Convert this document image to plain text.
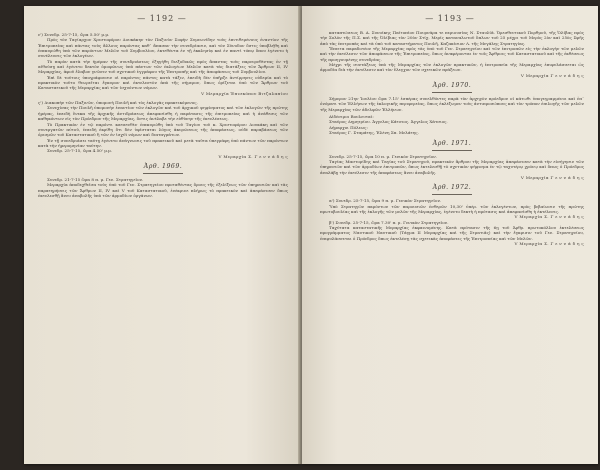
— 1192 —

ε') Συνεδρ. 25-7-15, ὥρα 5.50' μ.μ.

Πρὸς τὸν Ταγίαρχον Χριστοφόρου Δουκάκην τὸν Παξινὸν Σοφὴν Συμεωνίδην τοὺς ἐπιτιθεμένους ἐναντίον τῆς Ἐπιτροπείας καὶ πάντας τοὺς ἄλλους παρόντας καθ᾽ ἅπασαν τὴν συνεδρίασιν, καὶ τὸν Σύνοδον ὅστις ὑποβλήθη καὶ ἐπεκυρώθη ὑπὸ τῶν παρόντων Μελῶν τοῦ Συμβουλίου, ἐκτεθέντα ἐν τῇ ἐκκλησίᾳ καὶ ἐν παντὶ τόπῳ ὅπου ἐγένετο ἡ συνέλευσις τῶν ἐκλογέων.

Τὸ παρὸν κατὰ τὴν ἡμέραν τῆς συνεδριάσεως ἐξηγήθη διεξοδικῶς πρὸς ἅπαντας τοὺς παρευρεθέντας ἐν τῇ αἰθούσῃ καὶ ἐγένετο δεκτὸν ὁμοφώνως ὑπὸ πάντων τῶν ἐκλογέων Μελῶν κατὰ τὰς διατάξεις τῶν Ἄρθρων II, IV Μεραρχίας, ἀφοῦ ἔλαβον γνῶσιν τοῦ σχετικοῦ ἐγγράφου τῆς Ἐπιτροπῆς καὶ τῆς ἀποφάσεως τοῦ Συμβουλίου.

Ἐπὶ δὲ τούτοις ὑπογράφουσιν οἱ παρόντες πάντες κατὰ τάξιν, ἐπειδὴ δὲν ὑπῆρξε ἀντίρρησις οὐδεμία καὶ τὸ πρακτικὸν τοῦτο θεωρεῖται ἔγκυρον καὶ ἐκτελεστὸν ἀπὸ τῆς σήμερον, ὅπως ὁρίζεται ὑπὸ τῶν Ἄρθρων τοῦ Καταστατικοῦ τῆς Μεραρχίας καὶ τῶν ἰσχυόντων νόμων.

V Μεραρχία Ἐπισκόπου Βιτζαλαπίου

ς') Διακοπὴν τῶν Παξινῶν, ὑπομονὴ Πουλῆ καὶ τὸς ἐκλογὰς πρακτικόμενος.

Συνεχίσας τὴν Πουλῆ ὑπομονὴν ἐναντίον τῶν ἐκλογῶν καὶ τοῦ ἀρχικοῦ ψηφίσματος καὶ τῶν ἐκλογῶν τῆς πρώτης ἡμέρας, ἐπειδὴ ἔνεκα τῆς ἀρχικῆς ἀντιδράσεως ἀπεφασίσθη ἡ παράτασις τῆς ἐπιτροπείας καὶ ἡ ἀνάθεσις τῶν καθηκόντων εἰς τὸν Πρόεδρον τῆς Μεραρχίας, ὅστις ἀνέλαβε τὴν εὐθύνην τῆς ἐκτελέσεως.

Τὸ Πρακτικὸν ἐν τῷ παρόντι κατατεθὲν ἐπεκυρώθη ὑπὸ τοῦ Ταγίου τοῦ κ. Χριστοφόρου Δουκάκη καὶ τῶν συνεργατῶν αὐτοῦ, ἐπειδὴ ἐκρίθη ὅτι δὲν ὑφίσταται λόγος ἀκυρώσεως τῆς ἀποφάσεως, οὐδὲ παραβάσεως τῶν ὁρισμῶν τοῦ Καταστατικοῦ ἢ τῶν ἐν ἰσχύϊ νόμων καὶ διαταγμάτων.

Ἐν τῇ συνεδριάσει ταύτῃ ἐγένετο ἀνάγνωσις τοῦ πρακτικοῦ καὶ μετὰ ταῦτα ὑπεγράφη ὑπὸ πάντων τῶν παρόντων κατὰ τὴν ἡμερομηνίαν ταύτην.

Συνεδρ. 25-7-15, ὥρα 4.50' μ.μ.

V Μεραρχία Σ. Γ ε ν ν ά δ η ς

Ἀρθ. 1969.

Συνεδρ. 21-7-15 ὥρα 8 π. μ. Γεν. Στρατηγεῖον.

Μεραρχία ἀποδεχθεῖσα τοὺς ὑπὸ τοῦ Γεν. Στρατηγείου προταθέντας ὅρους τῆς ἐξελίξεως τῶν ὑπηρεσιῶν καὶ τὰς παρατηρήσεις τῶν Ἄρθρων II, IV καὶ V τοῦ Καταστατικοῦ, ἐνέκρινε πλήρως τὸ πρακτικὸν καὶ ἀπεφάσισεν ὅπως ἐκτελεσθῇ ἄνευ ἀναβολῆς ὑπὸ τῶν ἁρμοδίων ὀργάνων.

— 1193 —

καταπτώσεως Β. Α. Συνοίκης Παϊτοπίου Πουρνάρα τε περιουσίας Ν. Σταυλίᾶ. Ὀρεσθευτικοῦ Πορθμοῦ, τῆς Ὀλίβας πρὸς τὴν Σολὸν τῆς Π.Σ. καὶ τῆς Ὀλίβιας τὸν 20ὸν Στίχ. Μερίς καταναλωτοῦ ὅπλων τοῦ 25 μέχρι τοῦ Μερὸς 2ὸν καὶ 25ὸς Σφῆς ἀπὸ τὰς ἐπιτροπὰς καὶ τὰ ὑπὸ τοῦ καταστήματος Πουλῆ, Καζακίσιον Λ. τῆς Μεγάλης Στρατηγίας.

Ἔπειτα παραδοτέον τῆς Μεραρχίας πρὸς τὰς ὑπὸ τοῦ Γεν. Στρατηγείου καὶ τῶν ἐπιτροπῶν εἰς τὴν ἐκλογὴν τῶν μελῶν καὶ τὴν ἐκτέλεσιν τῶν ἀποφάσεων τῆς Ἐπιτροπείας, ὅπως ἀναφέρονται ἐν τοῖς Ἄρθροις τοῦ Καταστατικοῦ καὶ τῆς ἐκθέσεως τῆς προηγουμένης συνεδρίας.

Μέχρι τῆς συντάξεως ὑπὸ τῆς Μεραρχίας τῶν ἐκλογῶν πρακτικῶν, ἡ ἐπιτροπεία τῆς Μεραρχίας ἐπιφυλάσσεται ὡς ἀρμοδία διὰ τὴν ἐκτέλεσιν καὶ τὸν ἔλεγχον τῶν σχετικῶν πράξεων.

V Μεραρχία Γ ε ν ν ά δ η ς

Ἀρθ. 1970.

Σήμερον 21ην Ἰουλίου ὥρα 7.15' ἐσπέρας συνελθόντες παρὰ τὸν ἀρχηγὸν πρόεδρον οἱ κάτωθι ὑπογεγραμμένοι καὶ ἐπ᾽ ὀνόματι τῶν Ἑλλήνων τῆς ἐκλογικῆς περιφερείας, ὅπως ἐκλέξωμεν τοὺς ἀντιπροσώπους καὶ τὸν τρόπον ἐπιλογῆς τῶν μελῶν τῆς Μεραρχίας τῶν ἀδελφῶν Ἑλλήνων.

Αἰδέσιμοι Βουλευταὶ:
Σταύρος Δημητρίου. Ἀγγελος Κάτσιος. Ἀγγελος Χάτσιος.
Δήμαρχοι Πόλεως:
Σταύρος Γ. Σταμάτης, Ἐλένη Σπ. Μελάτης.
Ἀρθ. 1971.

Συνεδρ. 25-7-15, ὥρα 10 π. μ. Γενικὸν Στρατηγεῖον.

Ταγίας Μαστορίδης καὶ Ταγίας τοῦ Στρατηγοῦ, πρακτικὸν ἄρθρου τῆς Μεραρχίας ἀπεφάσισεν κατὰ τὴν εἰσήγησιν τῶν ὑπηρεσιῶν καὶ τῶν ἀρμοδίων ἐπιτροπῶν, ὅπως ἐκτελεσθῇ τὸ σχετικὸν ψήφισμα ἐν τῷ ταχυτέρῳ χρόνῳ καὶ ὅπως ὁ Πρόεδρος ἀναλάβῃ τὴν ἐκτέλεσιν τῆς ἀποφάσεως ἄνευ ἀναβολῆς.

V Μεραρχία Γ ε ν ν ά δ η ς

Ἀρθ. 1972.

α') Συνεδρ. 25-7-15, ὥρα 9 π. μ. Γενικὸν Στρατηγεῖον.

Ὑπὸ Στρατηγῶν παρόντων τῶν παρουσιῶν ἐσθερῶν 10,30' ὑπέρ. τῶν ἐκλεγέντων, πρὸς βεβαίωσιν τῆς πρώτης πρωτοβουλίας καὶ τῆς ἐκλογῆς τῶν μελῶν τῆς Μεραρχίας, ἐγένετο δεκτὴ ἡ πρότασις καὶ ἀπεφασίσθη ἡ ἐκτέλεσις.

V Μεραρχία Σ. Γ ε ν ν ά δ η ς

β') Συνεδρ. 25-7-15, ὥρα 7.30' π. μ. Γενικὸν Στρατηγεῖον.

Ταχύτατα καταστατικῆς Μεραρχίας ἐκφαινομένης. Κατὰ πρότασιν τῆς 6ῃ τοῦ Ἀρθρ. πρωτοκόλλου ἐκτελέσεως προγράμματος Ναυτικοῦ Ναυτικοῦ (Τάγμα II Μεραρχίας καὶ τῆς Στρατιᾶς) καὶ τὴν ἔγκρισιν τοῦ Γεν. Στρατηγείου, ἐπιφυλάσσεται ὁ Πρόεδρος ὅπως ἐκτελέσῃ τὰς σχετικὰς ἀποφάσεις τῆς Ἐπιτροπείας καὶ τῶν Μελῶν.

V Μεραρχία Σ. Γ ε ν ν ά δ η ς
